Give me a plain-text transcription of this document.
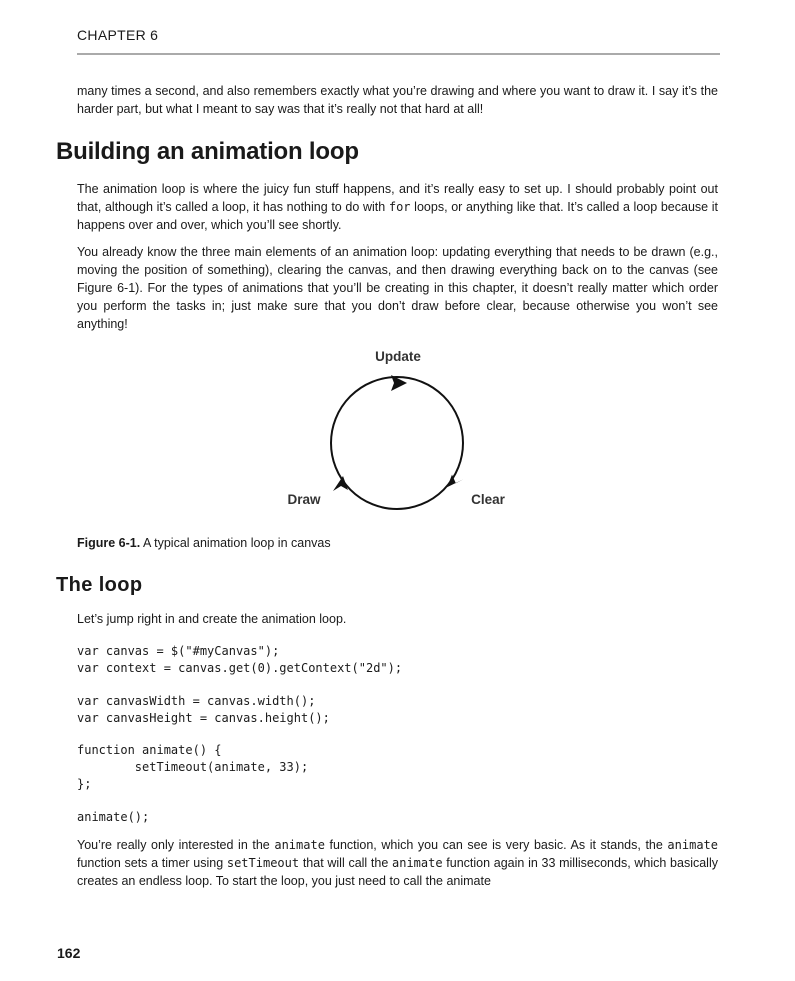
CHAPTER 6

many times a second, and also remembers exactly what you’re drawing and where you want to draw it. I say it’s the harder part, but what I meant to say was that it’s really not that hard at all!

Building an animation loop

The animation loop is where the juicy fun stuff happens, and it’s really easy to set up. I should probably point out that, although it’s called a loop, it has nothing to do with for loops, or anything like that. It’s called a loop because it happens over and over, which you’ll see shortly.

You already know the three main elements of an animation loop: updating everything that needs to be drawn (e.g., moving the position of something), clearing the canvas, and then drawing everything back on to the canvas (see Figure 6-1). For the types of animations that you’ll be creating in this chapter, it doesn’t really matter which order you perform the tasks in; just make sure that you don’t draw before clear, because otherwise you won’t see anything!

Update
Draw	Clear
Figure 6-1. A typical animation loop in canvas
The loop

Let’s jump right in and create the animation loop.

var canvas = $("#myCanvas");
var context = canvas.get(0).getContext("2d");
var canvasWidth = canvas.width();
var canvasHeight = canvas.height();
function animate() {
setTimeout(animate, 33);
};
animate();

You’re really only interested in the animate function, which you can see is very basic. As it stands, the animate function sets a timer using setTimeout that will call the animate function again in 33 milliseconds, which basically creates an endless loop. To start the loop, you just need to call the animate

162
